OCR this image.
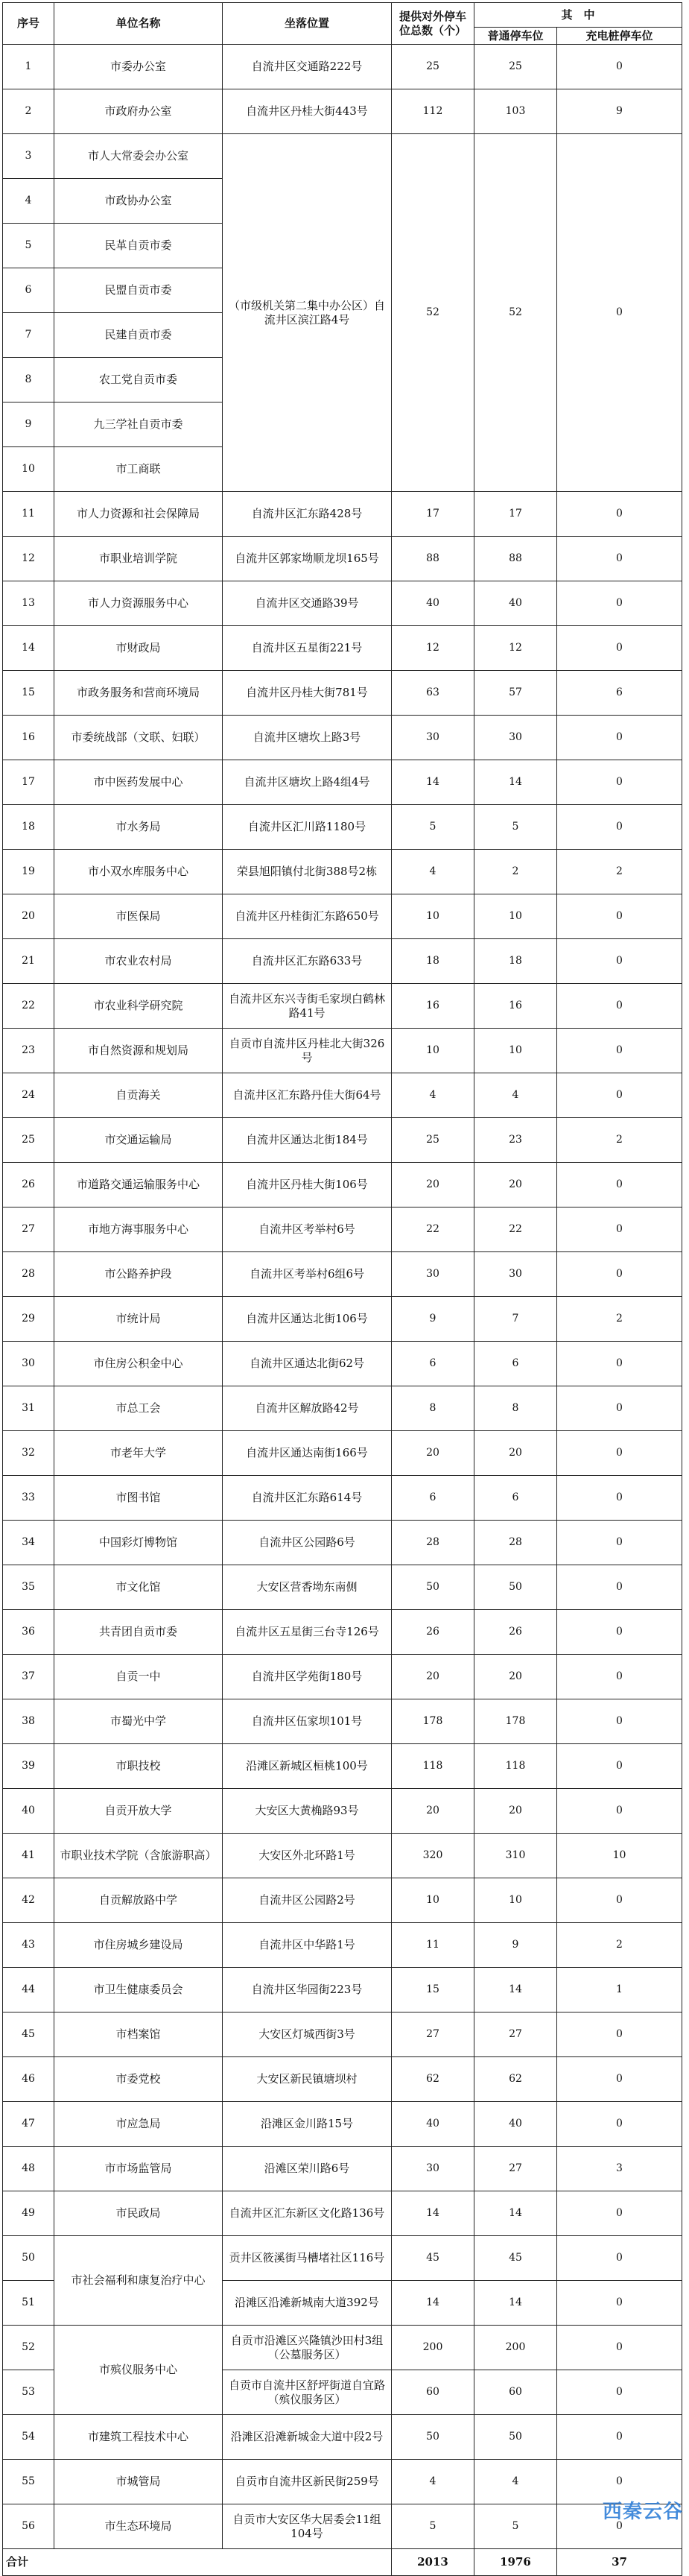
序号	单位名称	坐落位置	提供对外停车位总数（个）	其　中	
				普通停车位	充电桩停车位
1	市委办公室	自流井区交通路222号	25	25	0
2	市政府办公室	自流井区丹桂大街443号	112	103	9
3	市人大常委会办公室	（市级机关第二集中办公区）自流井区滨江路4号	52	52	0
4	市政协办公室				
5	民革自贡市委				
6	民盟自贡市委				
7	民建自贡市委				
8	农工党自贡市委				
9	九三学社自贡市委				
10	市工商联				
11	市人力资源和社会保障局	自流井区汇东路428号	17	17	0
12	市职业培训学院	自流井区郭家坳顺龙坝165号	88	88	0
13	市人力资源服务中心	自流井区交通路39号	40	40	0
14	市财政局	自流井区五星街221号	12	12	0
15	市政务服务和营商环境局	自流井区丹桂大街781号	63	57	6
16	市委统战部（文联、妇联）	自流井区塘坎上路3号	30	30	0
17	市中医药发展中心	自流井区塘坎上路4组4号	14	14	0
18	市水务局	自流井区汇川路1180号	5	5	0
19	市小双水库服务中心	荣县旭阳镇付北街388号2栋	4	2	2
20	市医保局	自流井区丹桂街汇东路650号	10	10	0
21	市农业农村局	自流井区汇东路633号	18	18	0
22	市农业科学研究院	自流井区东兴寺街毛家坝白鹤林路41号	16	16	0
23	市自然资源和规划局	自贡市自流井区丹桂北大街326号	10	10	0
24	自贡海关	自流井区汇东路丹佳大街64号	4	4	0
25	市交通运输局	自流井区通达北街184号	25	23	2
26	市道路交通运输服务中心	自流井区丹桂大街106号	20	20	0
27	市地方海事服务中心	自流井区考举村6号	22	22	0
28	市公路养护段	自流井区考举村6组6号	30	30	0
29	市统计局	自流井区通达北街106号	9	7	2
30	市住房公积金中心	自流井区通达北街62号	6	6	0
31	市总工会	自流井区解放路42号	8	8	0
32	市老年大学	自流井区通达南街166号	20	20	0
33	市图书馆	自流井区汇东路614号	6	6	0
34	中国彩灯博物馆	自流井区公园路6号	28	28	0
35	市文化馆	大安区营香坳东南侧	50	50	0
36	共青团自贡市委	自流井区五星街三台寺126号	26	26	0
37	自贡一中	自流井区学苑街180号	20	20	0
38	市蜀光中学	自流井区伍家坝101号	178	178	0
39	市职技校	沿滩区新城区桓桃100号	118	118	0
40	自贡开放大学	大安区大黄桷路93号	20	20	0
41	市职业技术学院（含旅游职高）	大安区外北环路1号	320	310	10
42	自贡解放路中学	自流井区公园路2号	10	10	0
43	市住房城乡建设局	自流井区中华路1号	11	9	2
44	市卫生健康委员会	自流井区华园街223号	15	14	1
45	市档案馆	大安区灯城西街3号	27	27	0
46	市委党校	大安区新民镇塘坝村	62	62	0
47	市应急局	沿滩区金川路15号	40	40	0
48	市市场监管局	沿滩区荣川路6号	30	27	3
49	市民政局	自流井区汇东新区文化路136号	14	14	0
50	市社会福利和康复治疗中心	贡井区筱溪街马槽堵社区116号	45	45	0
51		沿滩区沿滩新城南大道392号	14	14	0
52	市殡仪服务中心	自贡市沿滩区兴隆镇沙田村3组（公墓服务区）	200	200	0
53		自贡市自流井区舒坪街道自宜路（殡仪服务区）	60	60	0
54	市建筑工程技术中心	沿滩区沿滩新城金大道中段2号	50	50	0
55	市城管局	自贡市自流井区新民街259号	4	4	0
56	市生态环境局	自贡市大安区华大居委会11组104号	5	5	0
合计			2013	1976	37
西秦云谷
